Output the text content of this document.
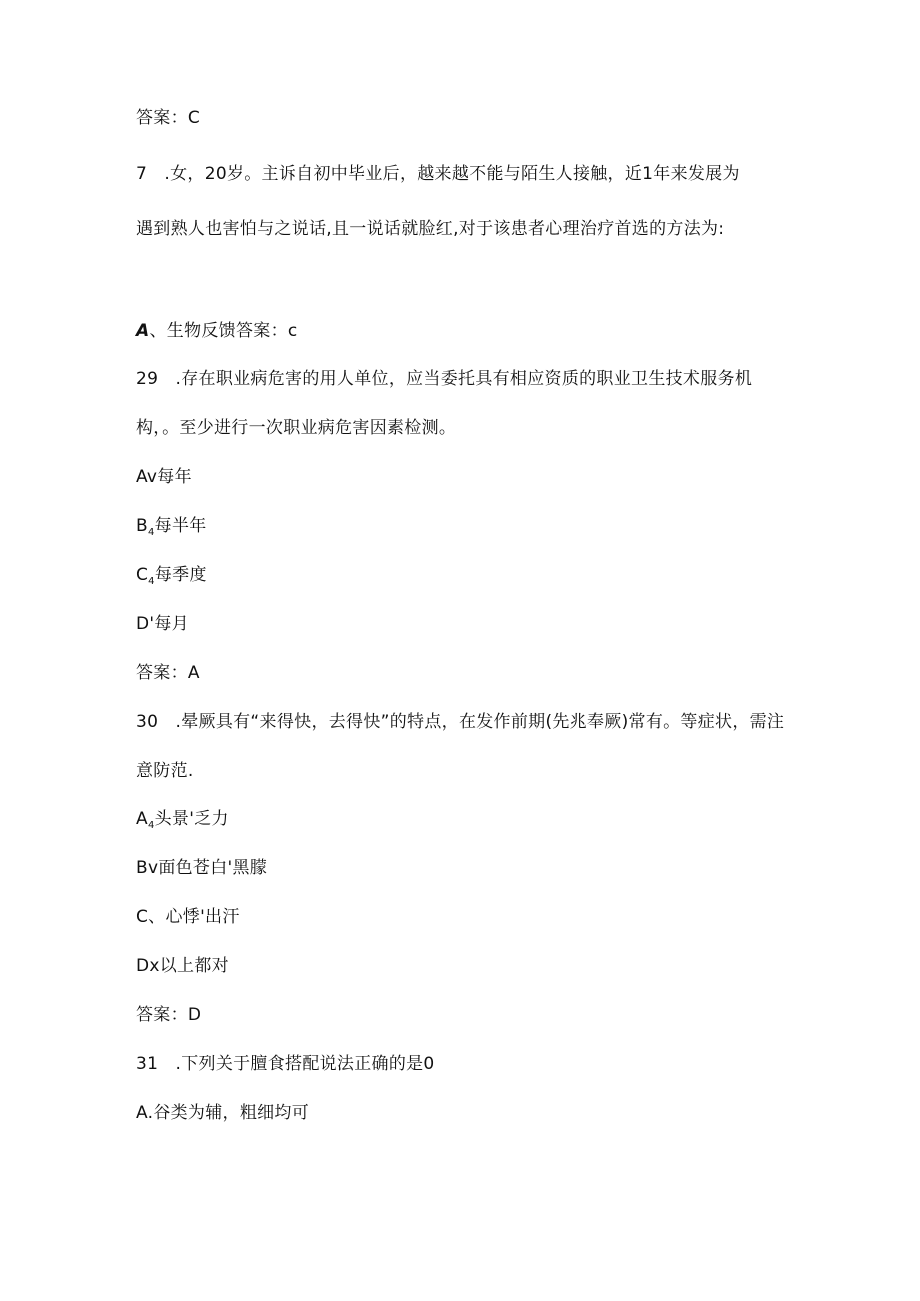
答案：C
7　.女，20岁。主诉自初中毕业后，越来越不能与陌生人接触，近1年来发展为
遇到熟人也害怕与之说话,且一说话就脸红,对于该患者心理治疗首选的方法为:
A、生物反馈答案：c
29　.存在职业病危害的用人单位，应当委托具有相应资质的职业卫生技术服务机
构，。至少进行一次职业病危害因素检测。
Av每年
$B_4$每半年
$C_4$每季度
D'每月
答案：A
30　.晕厥具有“来得快，去得快”的特点，在发作前期(先兆奉厥)常有。等症状，需注
意防范.
$A_4$头景'乏力
Bv面色苍白'黑朦
C、心悸'出汗
Dx以上都对
答案：D
31　.下列关于膻食搭配说法正确的是0
A.谷类为辅，粗细均可
